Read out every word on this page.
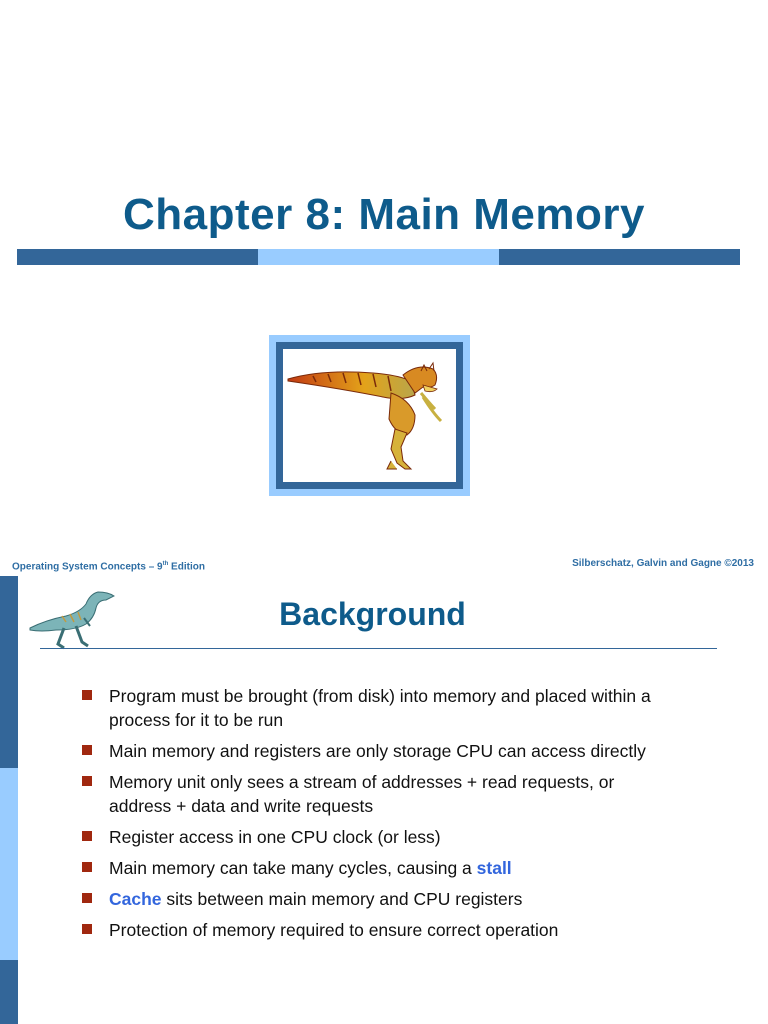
Chapter 8: Main Memory
Operating System Concepts – 9th Edition	Silberschatz, Galvin and Gagne ©2013
Background
Program must be brought (from disk) into memory and placed within a process for it to be run
Main memory and registers are only storage CPU can access directly
Memory unit only sees a stream of addresses + read requests, or address + data and write requests
Register access in one CPU clock (or less)
Main memory can take many cycles, causing a stall
Cache sits between main memory and CPU registers
Protection of memory required to ensure correct operation
